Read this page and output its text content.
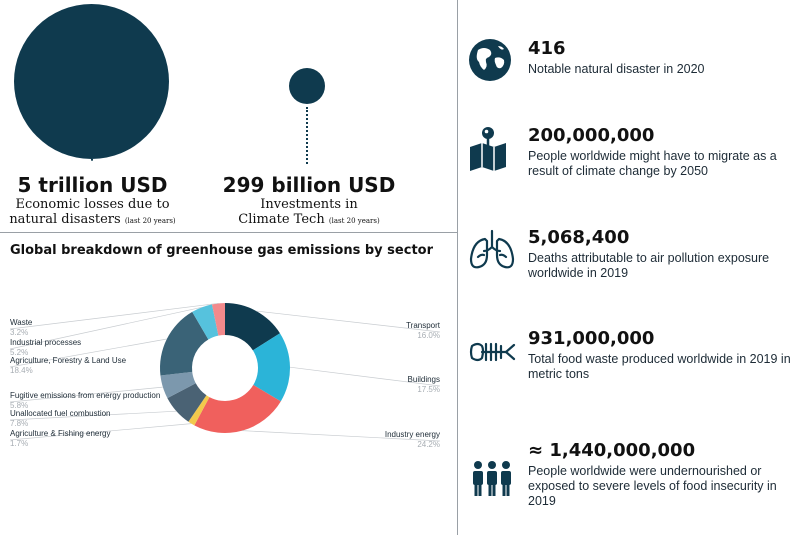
5 trillion USD
Economic losses due to
natural disasters (last 20 years)
299 billion USD
Investments in
Climate Tech (last 20 years)
Global breakdown of greenhouse gas emissions by sector
Transport
16.0%
Buildings
17.5%
Industry energy
24.2%
Agriculture & Fishing energy
1.7%
Unallocated fuel combustion
7.8%
Fugitive emissions from energy production
5.8%
Agriculture, Forestry & Land Use
18.4%
Industrial processes
5.2%
Waste
3.2%
416
Notable natural disaster in 2020
200,000,000
People worldwide might have to migrate as a result of climate change by 2050
5,068,400
Deaths attributable to air pollution exposure worldwide in 2019
931,000,000
Total food waste produced worldwide in 2019 in metric tons
≈ 1,440,000,000
People worldwide were undernourished or exposed to severe levels of food insecurity in 2019
